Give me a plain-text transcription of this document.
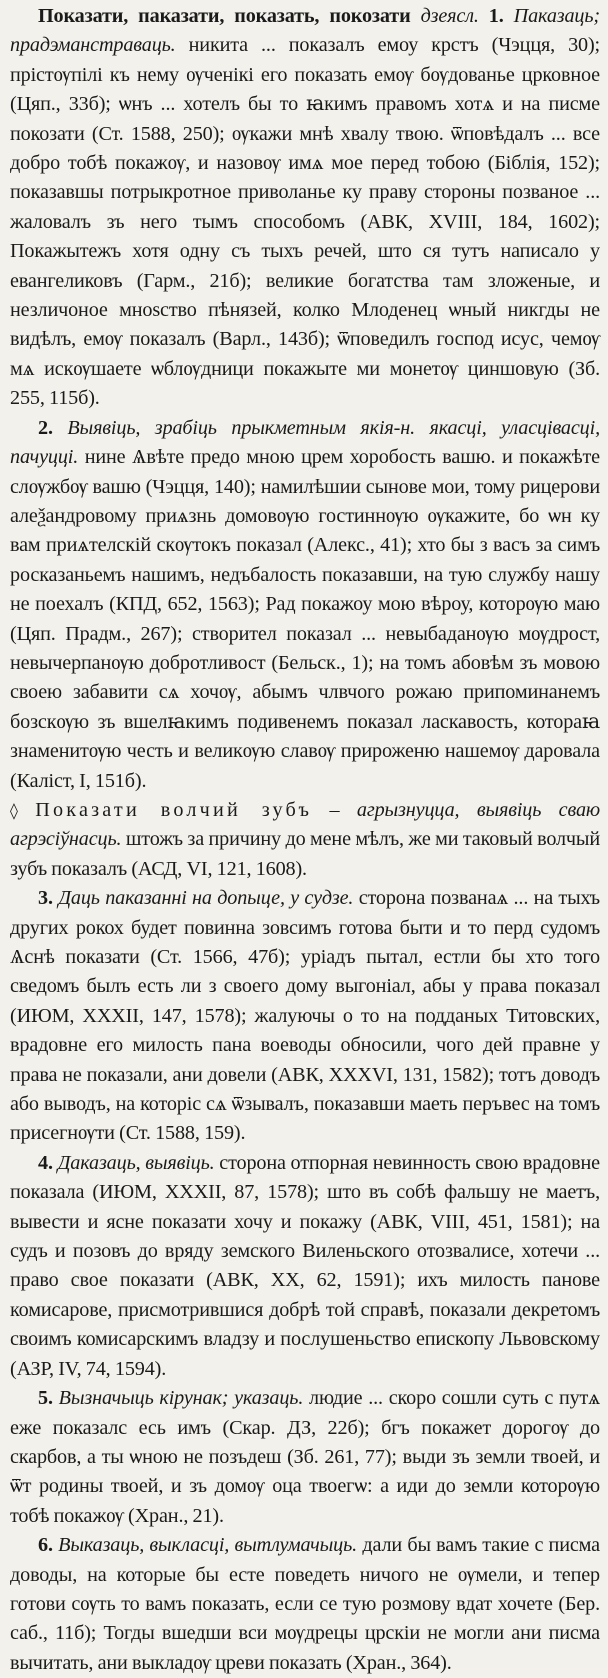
Показати, паказати, показать, покозати дзеясл. 1. Паказаць; прадэманстраваць. никита ... показалъ емоу крстъ (Чэцця, 30); прiстѹпiлi къ нему ѹченiкi его показать емѹ бѹдованье црковное (Цяп., 33б); ѡнъ ... хотелъ бы то ꙗкимъ правомъ хотѧ и на писме покозати (Ст. 1588, 250); ѹкажи мнѣ хвалу твою. ѿповѣдалъ ... все добро тобѣ покажѹ, и назовѹ имѧ мое перед тобою (Бiблiя, 152); показавшы потрыкротное приволанье ку праву стороны позваное ... жаловалъ зъ него тымъ способомъ (АВК, XVIII, 184, 1602); Покажытежъ хотя одну съ тыхъ речей, што ся тутъ написало у евангеликовъ (Гарм., 21б); великие богатства там зложеные, и незличоное мноѕство пѣнязей, колко Млоденец ѡный никгды не видѣлъ, емѹ показалъ (Варл., 143б); ѿповедилъ господ исус, чемѹ мѧ искѹшаете ѡблѹдници покажыте ми монетѹ циншовую (Зб. 255, 115б).

2. Выявіць, зрабіць прыкметным якія-н. якасці, уласцівасці, пачуцці. нине Ѧвѣте предо мною црем хоробость вашю. и покажѣте слѹжбѹ вашю (Чэцця, 140); намилѣшии сынове мои, тому рицерови алеѯандровому приѧзнь домовѹю гостиннѹю ѹкажите, бо ѡн ку вам приѧтелскiй скѹтокъ показал (Алекс., 41); хто бы з васъ за симъ росказаньемъ нашимъ, недъбалость показавши, на тую службу нашу не поехалъ (КПД, 652, 1563); Рад покажоу мою вѣроу, которѹю маю (Цяп. Прадм., 267); створител показал ... невыбаданѹю мѹдрост, невычерпанѹю добротливост (Бельск., 1); на томъ абовѣм зъ мовою своею забавити сѧ хочѹ, абымъ члвчого рожаю припоминанемъ бозскѹю зъ вшелꙗкимъ подивенемъ показал ласкавость, котораꙗ знаменитѹю честь и великѹю славѹ прироженю нашемѹ даровала (Калiст, I, 151б).

◊ Показати волчий зубъ – агрызнуцца, выявіць сваю агрэсіўнасць. штожъ за причину до мене мѣлъ, же ми таковый волчый зубъ показалъ (АСД, VI, 121, 1608).

3. Даць паказанні на допыце, у судзе. сторона позванаѧ ... на тыхъ других рокох будет повинна зовсимъ готова быти и то перд судомъ Ѧснѣ показати (Ст. 1566, 47б); урiадъ пытал, естли бы хто того сведомъ былъ есть ли з своего дому выгонiал, абы у права показал (ИЮМ, XXXII, 147, 1578); жалуючы о то на подданых Титовских, врадовне его милость пана воеводы обносили, чого дей правне у права не показали, ани довели (АВК, XXXVI, 131, 1582); тотъ доводъ або выводъ, на которiс сѧ ѿзывалъ, показавши маеть перъвес на томъ присегнѹти (Ст. 1588, 159).

4. Даказаць, выявіць. сторона отпорная невинность свою врадовне показала (ИЮМ, XXXII, 87, 1578); што въ собѣ фальшу не маетъ, вывести и ясне показати хочу и покажу (АВК, VIII, 451, 1581); на судъ и позовъ до вряду земского Виленьского отозвалисе, хотечи ... право свое показати (АВК, XX, 62, 1591); ихъ милость панове комисарове, присмотрившися добрѣ той справѣ, показали декретомъ своимъ комисарскимъ владзу и послушеньство епископу Львовскому (АЗР, IV, 74, 1594).

5. Вызначыць кірунак; указаць. людие ... скоро сошли суть с путѧ еже показалс есь имъ (Скар. ДЗ, 22б); бгъ покажет дорогѹ до скарбов, а ты ѡною не позъдеш (Зб. 261, 77); выди зъ земли твоей, и ѿт родины твоей, и зъ домѹ оца твоегѡ: а иди до земли которѹю тобѣ покажѹ (Хран., 21).

6. Выказаць, выкласці, вытлумачыць. дали бы вамъ такие с писма доводы, на которые бы есте поведеть ничого не ѹмели, и тепер готови сѹть то вамъ показать, если се тую розмову вдат хочете (Бер. саб., 11б); Тогды вшедши вси мѹдрецы црскiи не могли ани писма вычитать, ани выкладѹ цреви показать (Хран., 364).
